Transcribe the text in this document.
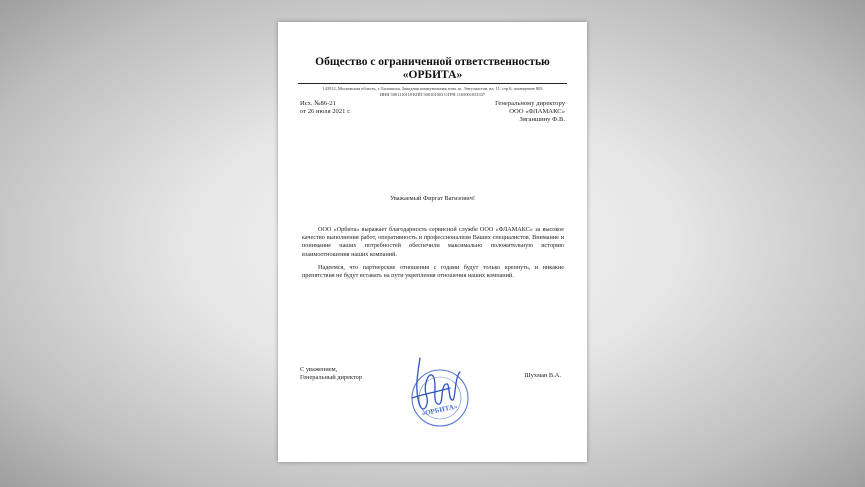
Общество с ограниченной ответственностью
«ОРБИТА»
143912, Московская область, г. Балашиха, Западная коммунальная зона, ш. Энтузиастов, вл. 11, стр.6, помещение 803
ИНН 5001110118 КПП 500101003 ОГРН 1165001053337
Исх. №86-21
от 26 июля 2021 г.
Генеральному директору
ООО «ФЛАМАКС»
Зяганшину Ф.В.
Уважаемый Фиргат Вагизович!
ООО «Орбита» выражает благодарность сервисной службе ООО «ФЛАМАКС» за высокое качество выполнения работ, оперативность и профессионализм Ваших специалистов. Внимание и понимание наших потребностей обеспечили максимально положительную историю взаимоотношения наших компаний.
Надеемся, что партнерские отношения с годами будут только крепнуть, и никакие препятствия не будут вставать на пути укрепления отношения наших компаний.
С уважением,
Генеральный директор
«ОРБИТА»
Шухман В.А.
